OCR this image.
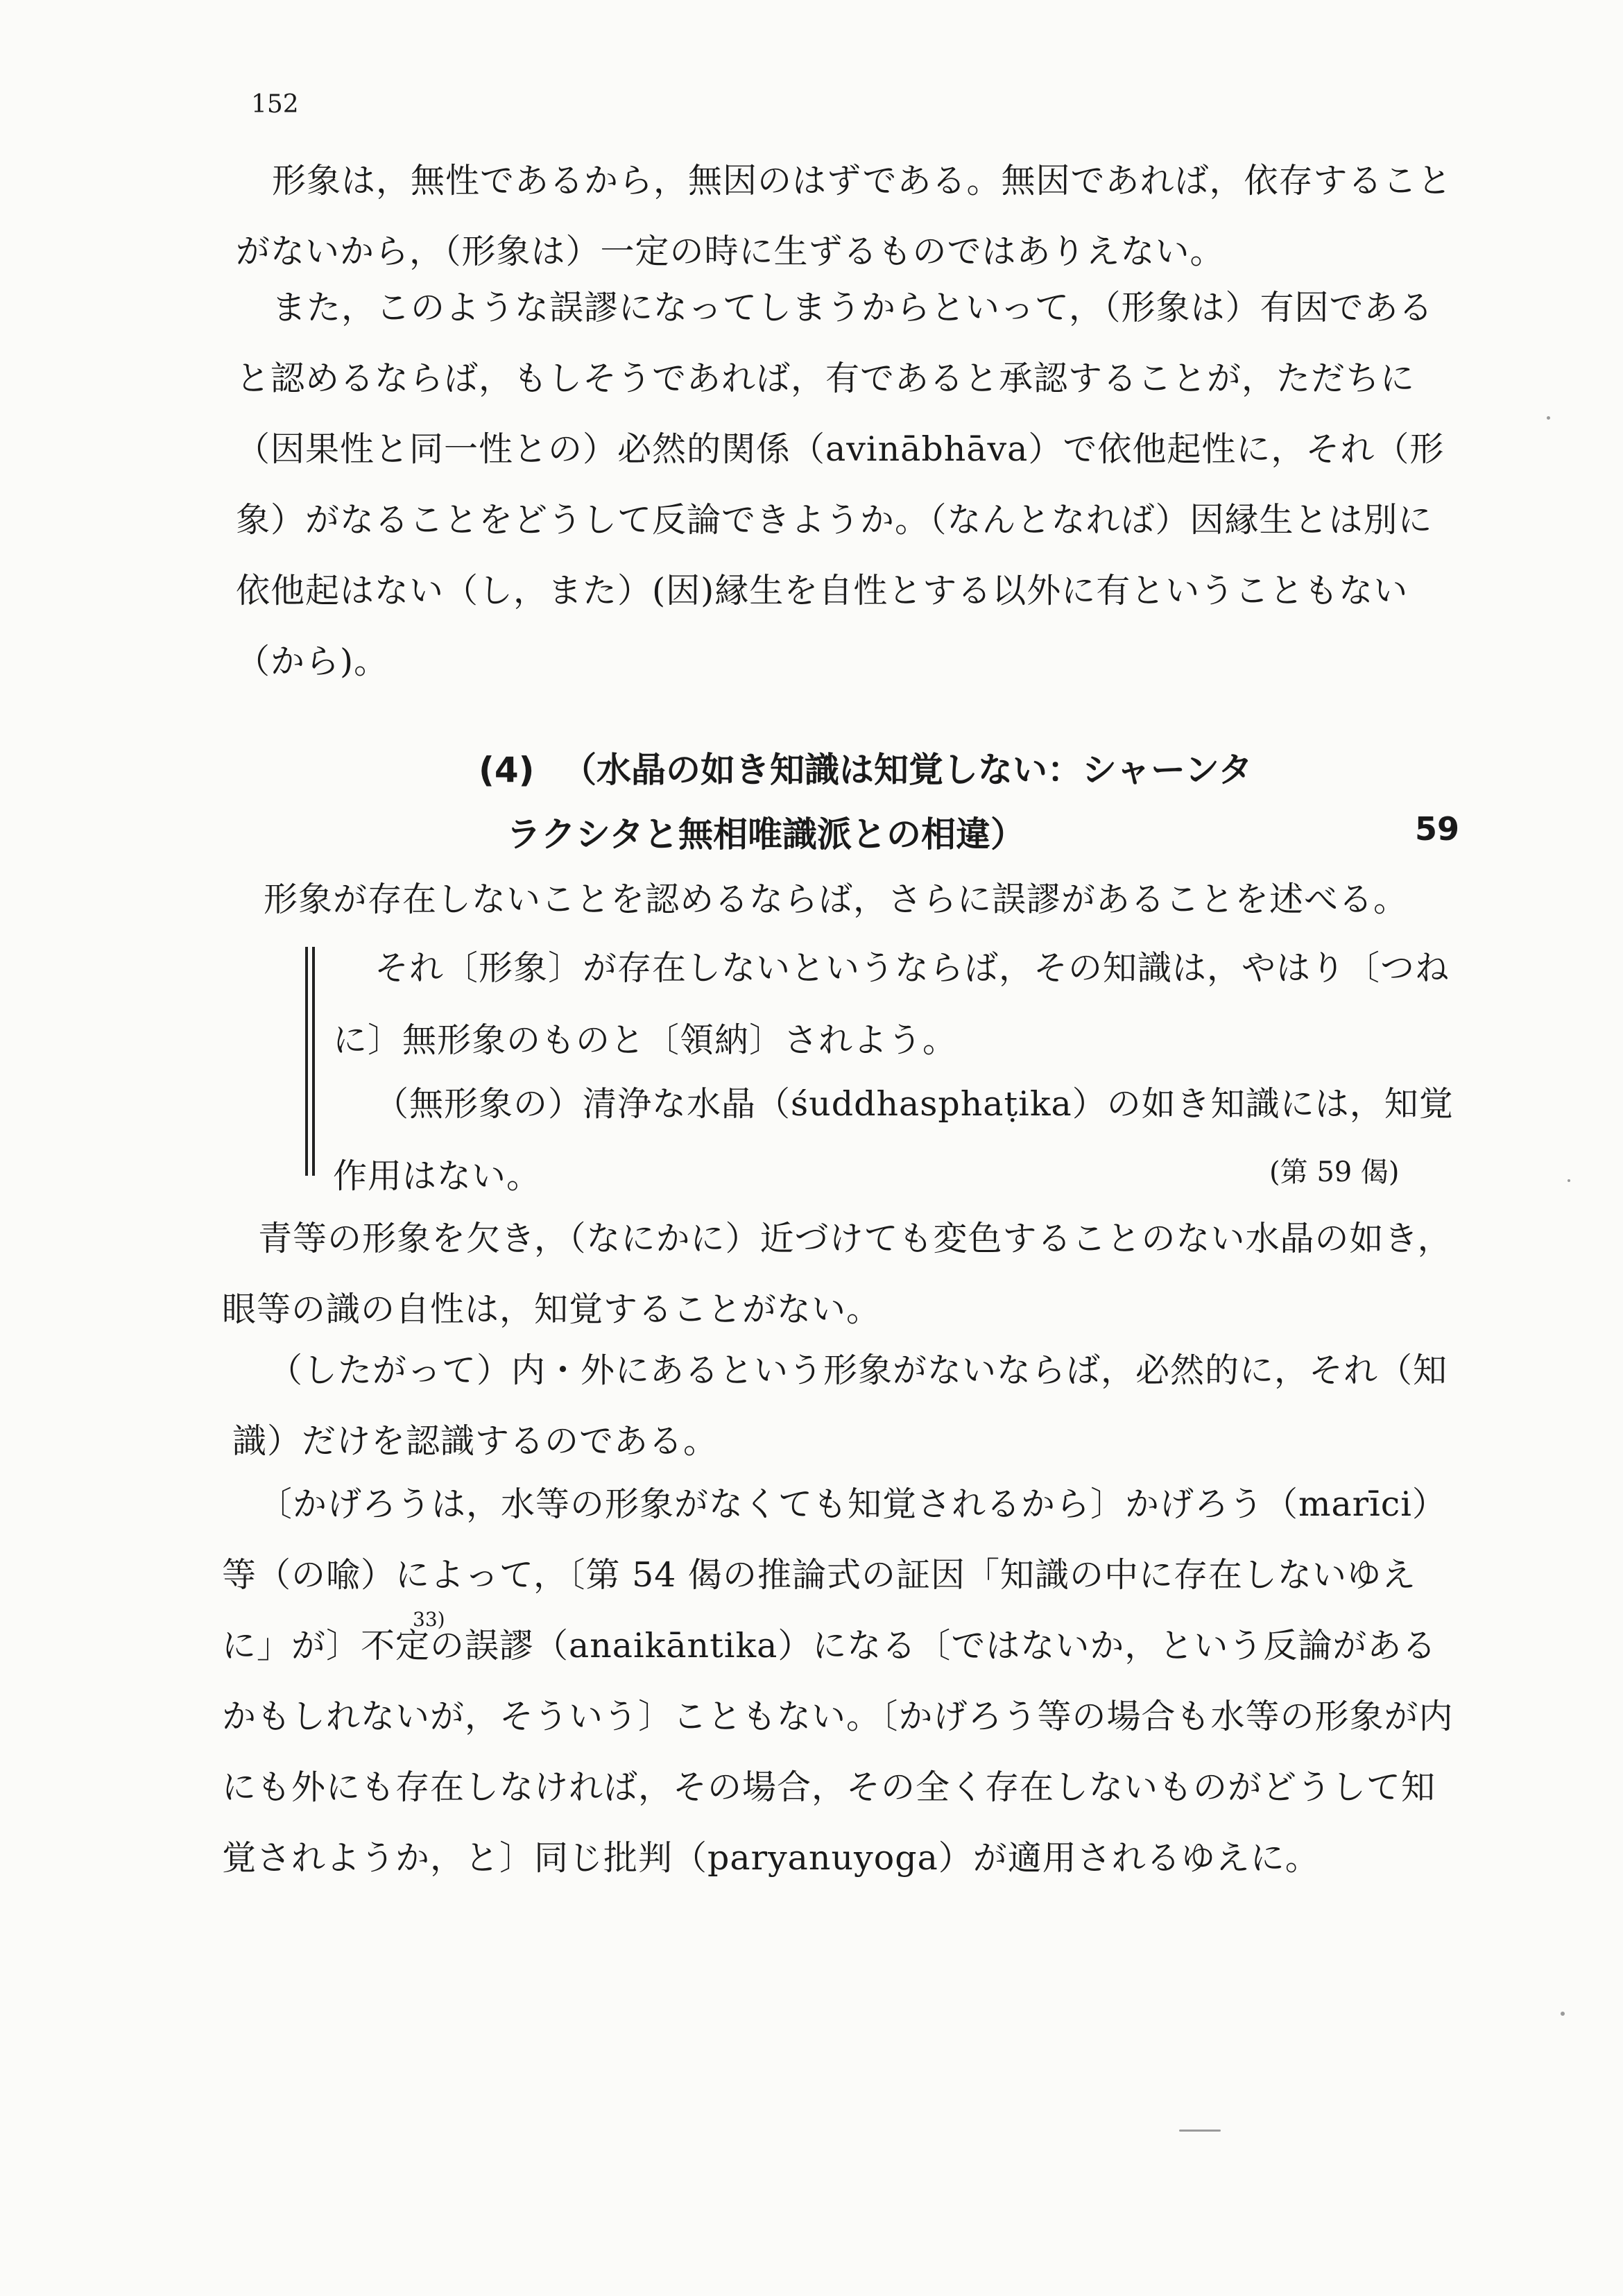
152

形象は，無性であるから，無因のはずである。無因であれば，依存することがないから，（形象は）一定の時に生ずるものではありえない。

また，このような誤謬になってしまうからといって，（形象は）有因であると認めるならば，もしそうであれば，有であると承認することが，ただちに（因果性と同一性との）必然的関係（avinābhāva）で依他起性に，それ（形象）がなることをどうして反論できようか。（なんとなれば）因縁生とは別に依他起はない（し，また）(因)縁生を自性とする以外に有ということもない（から)。

(4) （水晶の如き知識は知覚しない：シャーンタ
ラクシタと無相唯識派との相違）	59

形象が存在しないことを認めるならば，さらに誤謬があることを述べる。

それ〔形象〕が存在しないというならば，その知識は，やはり〔つねに〕無形象のものと〔領納〕されよう。

（無形象の）清浄な水晶（śuddhasphaṭika）の如き知識には，知覚作用はない。	(第 59 偈)

青等の形象を欠き，（なにかに）近づけても変色することのない水晶の如き，眼等の識の自性は，知覚することがない。

（したがって）内・外にあるという形象がないならば，必然的に，それ（知識）だけを認識するのである。

〔かげろうは，水等の形象がなくても知覚されるから〕かげろう（marīci）等（の喩）によって，〔第 54 偈の推論式の証因「知識の中に存在しないゆえに」が〕不定の誤謬（anaikāntika）になる〔ではないか，という反論があるかもしれないが，そういう〕こともない。〔かげろう等の場合も水等の形象が内にも外にも存在しなければ，その場合，その全く存在しないものがどうして知覚されようか，と〕同じ批判（paryanuyoga）が適用されるゆえに。

33)
